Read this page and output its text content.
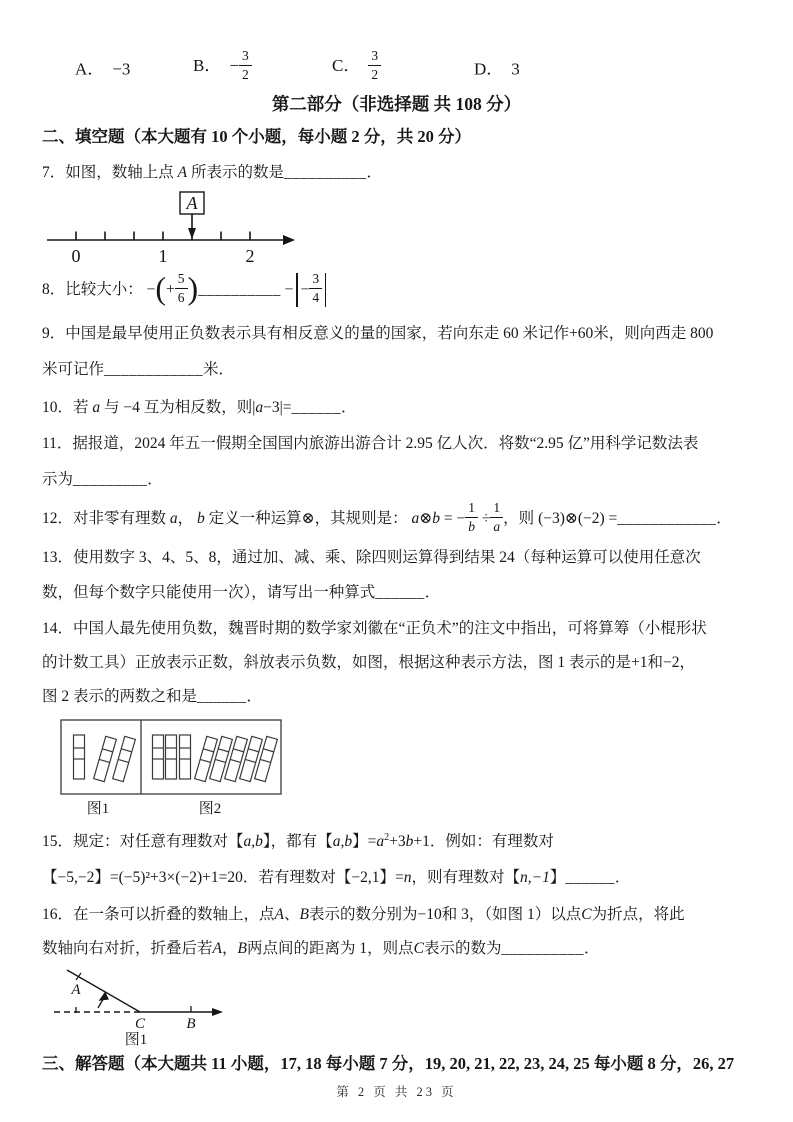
A． −3	B． − $\frac{3}{2}$	C． $\frac{3}{2}$	D． 3
第二部分（非选择题 共 108 分）
二、填空题（本大题有 10 个小题，每小题 2 分，共 20 分）
7．如图，数轴上点 A 所表示的数是__________．
A
0	1	2
8．比较大小： −(+ $\frac{5}{6}$ )__________ − − $\frac{3}{4}$
9．中国是最早使用正负数表示具有相反意义的量的国家，若向东走 60 米记作+60米，则向西走 800
米可记作____________米．
10．若 a 与 −4 互为相反数，则|a−3|=______．
11．据报道，2024 年五一假期全国国内旅游出游合计 2.95 亿人次．将数“2.95 亿”用科学记数法表
示为_________．
12．对非零有理数 a， b 定义一种运算⊗，其规则是： a⊗b = − $\frac{1}{b} \div \frac{1}{a}$ ，则 (−3)⊗(−2) =____________．
13．使用数字 3、4、5、8，通过加、减、乘、除四则运算得到结果 24（每种运算可以使用任意次
数，但每个数字只能使用一次），请写出一种算式______．
14．中国人最先使用负数，魏晋时期的数学家刘徽在“正负术”的注文中指出，可将算筹（小棍形状
的计数工具）正放表示正数，斜放表示负数，如图，根据这种表示方法，图 1 表示的是+1和−2，
图 2 表示的两数之和是______．
图1	图2
15．规定：对任意有理数对【a,b】，都有【a,b】$=a^2+3b+1$．例如：有理数对
【−5,−2】=(−5)²+3×(−2)+1=20．若有理数对【−2,1】=n，则有理数对【n,−1】______．
16．在一条可以折叠的数轴上，点A、B表示的数分别为−10和 3，（如图 1）以点C为折点，将此
数轴向右对折，折叠后若A，B两点间的距离为 1，则点C表示的数为__________．
A
C	B
图1
三、解答题（本大题共 11 小题，17, 18 每小题 7 分，19, 20, 21, 22, 23, 24, 25 每小题 8 分，26, 27
第 2 页 共 23 页
